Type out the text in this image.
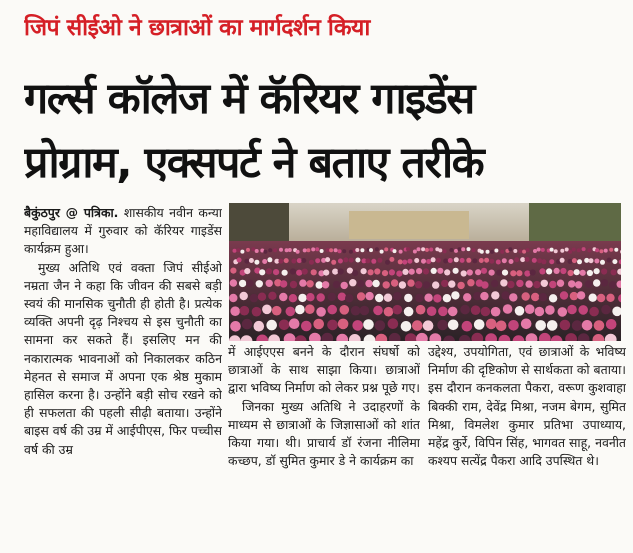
जिपं सीईओ ने छात्राओं का मार्गदर्शन किया
गर्ल्स कॉलेज में कॅरियर गाइडेंस
प्रोग्राम, एक्सपर्ट ने बताए तरीके

बैकुंठपुर @ पत्रिका. शासकीय नवीन कन्या महाविद्यालय में गुरुवार को कॅरियर गाइडेंस कार्यक्रम हुआ।

मुख्य अतिथि एवं वक्ता जिपं सीईओ नम्रता जैन ने कहा कि जीवन की सबसे बड़ी स्वयं की मानसिक चुनौती ही होती है। प्रत्येक व्यक्ति अपनी दृढ़ निश्चय से इस चुनौती का सामना कर सकते हैं। इसलिए मन की नकारात्मक भावनाओं को निकालकर कठिन मेहनत से समाज में अपना एक श्रेष्ठ मुकाम हासिल करना है। उन्होंने बड़ी सोच रखने को ही सफलता की पहली सीढ़ी बताया। उन्होंने बाइस वर्ष की उम्र में आईपीएस, फिर पच्चीस वर्ष की उम्र

में आईएएस बनने के दौरान संघर्षो को छात्राओं के साथ साझा किया। छात्राओं द्वारा भविष्य निर्माण को लेकर प्रश्न पूछे गए।

जिनका मुख्य अतिथि ने उदाहरणों के माध्यम से छात्राओं के जिज्ञासाओं को शांत किया गया। थी। प्राचार्य डॉ रंजना नीलिमा कच्छप, डॉ सुमित कुमार डे ने कार्यक्रम का

उद्देश्य, उपयोगिता, एवं छात्राओं के भविष्य निर्माण की दृष्टिकोण से सार्थकता को बताया। इस दौरान कनकलता पैकरा, वरूण कुशवाहा बिक्की राम, देवेंद्र मिश्रा, नजम बेगम, सुमित मिश्रा, विमलेश कुमार प्रतिभा उपाध्याय, महेंद्र कुर्रे, विपिन सिंह, भागवत साहू, नवनीत कश्यप सत्येंद्र पैकरा आदि उपस्थित थे।
